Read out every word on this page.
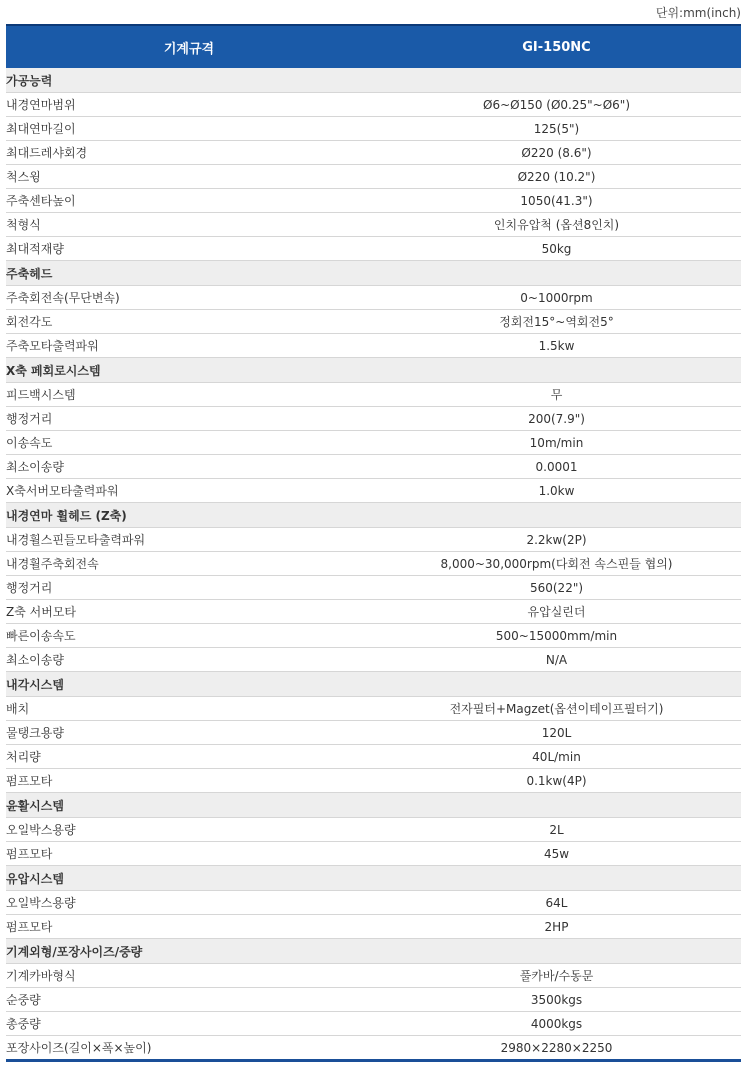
단위:mm(inch)
기계규격	GI-150NC
가공능력	
내경연마범위	Ø6~Ø150 (Ø0.25"~Ø6")
최대연마길이	125(5")
최대드레샤회경	Ø220 (8.6")
척스윙	Ø220 (10.2")
주축센타높이	1050(41.3")
척형식	인치유압척 (옵션8인치)
최대적재량	50kg
주축헤드	
주축회전속(무단변속)	0~1000rpm
회전각도	정회전15°~역회전5°
주축모타출력파워	1.5kw
X축 페회로시스템	
피드백시스템	무
행정거리	200(7.9")
이송속도	10m/min
최소이송량	0.0001
X축서버모타출력파워	1.0kw
내경연마 휠헤드 (Z축)	
내경휠스핀들모타출력파워	2.2kw(2P)
내경휠주축회전속	8,000~30,000rpm(다회전 속스핀들 협의)
행정거리	560(22")
Z축 서버모타	유압실린더
빠른이송속도	500~15000mm/min
최소이송량	N/A
내각시스템	
배치	전자필터+Magzet(옵션이테이프필터기)
물탱크용량	120L
처리량	40L/min
펌프모타	0.1kw(4P)
윤활시스템	
오일박스용량	2L
펌프모타	45w
유압시스템	
오일박스용량	64L
펌프모타	2HP
기계외형/포장사이즈/중량	
기계카바형식	풀카바/수동문
순중량	3500kgs
총중량	4000kgs
포장사이즈(길이×폭×높이)	2980×2280×2250
